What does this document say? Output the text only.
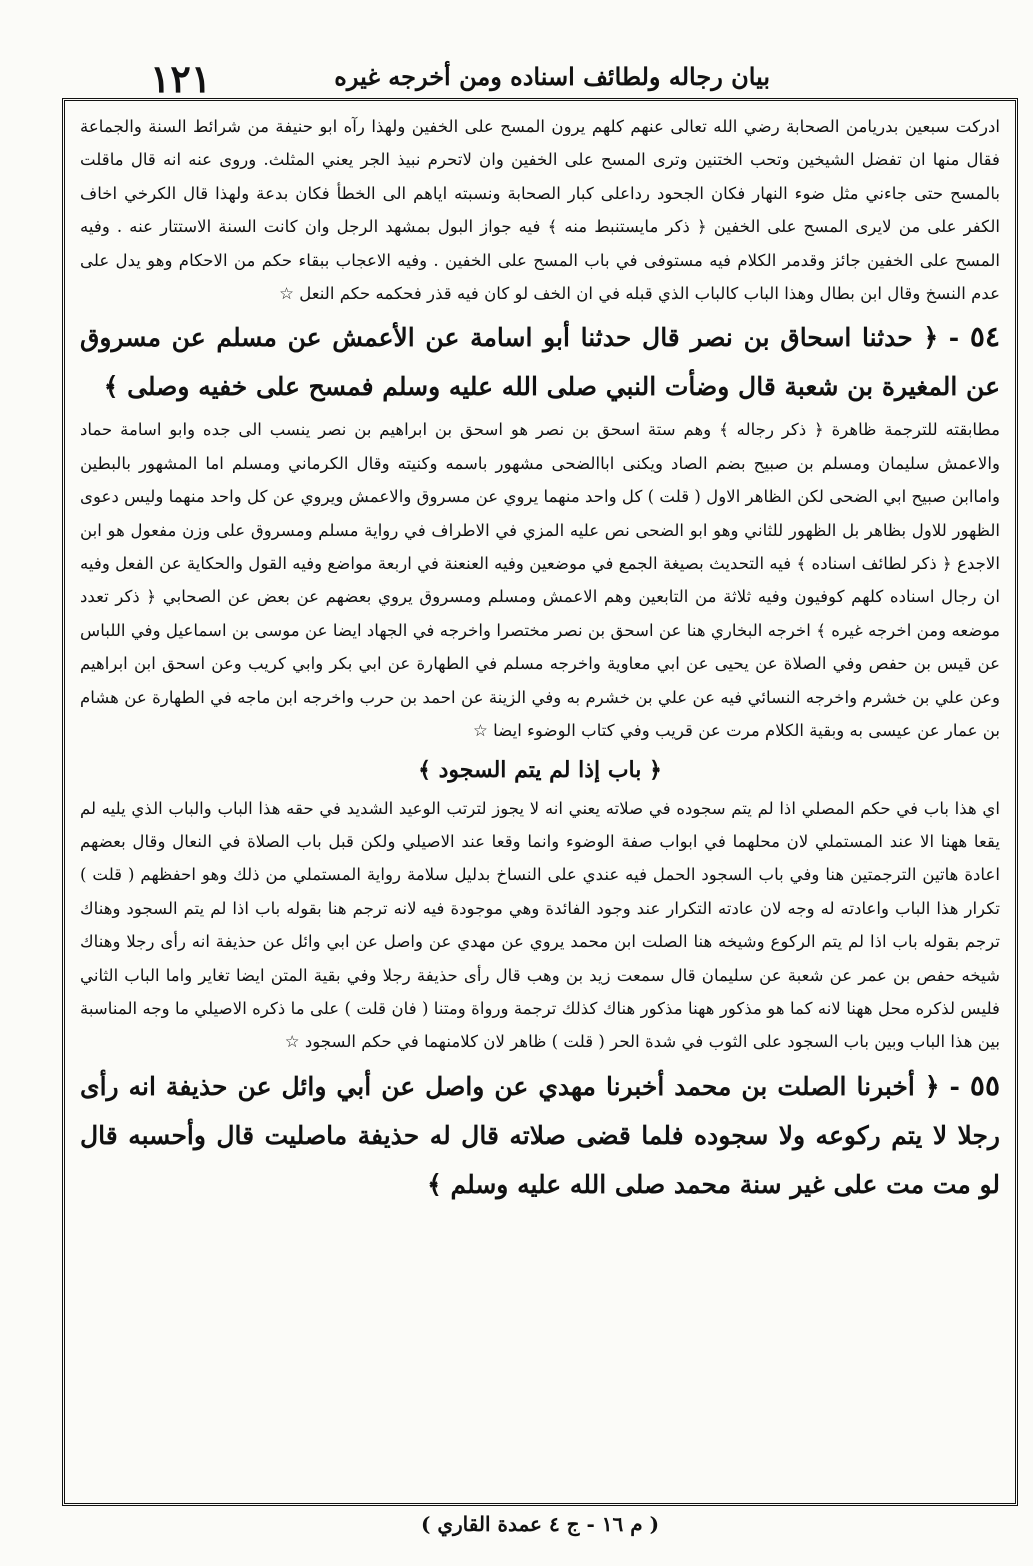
١٢١	بيان رجاله ولطائف اسناده ومن أخرجه غيره

ادركت سبعين بدريامن الصحابة رضي الله تعالى عنهم كلهم يرون المسح على الخفين ولهذا رآه ابو حنيفة من شرائط السنة والجماعة فقال منها ان تفضل الشيخين وتحب الختنين وترى المسح على الخفين وان لاتحرم نبيذ الجر يعني المثلث. وروى عنه انه قال ماقلت بالمسح حتى جاءني مثل ضوء النهار فكان الجحود رداعلى كبار الصحابة ونسبته اياهم الى الخطأ فكان بدعة ولهذا قال الكرخي اخاف الكفر على من لايرى المسح على الخفين ﴿ ذكر مايستنبط منه ﴾ فيه جواز البول بمشهد الرجل وان كانت السنة الاستتار عنه . وفيه المسح على الخفين جائز وقدمر الكلام فيه مستوفى في باب المسح على الخفين . وفيه الاعجاب ببقاء حكم من الاحكام وهو يدل على عدم النسخ وقال ابن بطال وهذا الباب كالباب الذي قبله في ان الخف لو كان فيه قذر فحكمه حكم النعل ☆

٥٤ - ﴿ حدثنا اسحاق بن نصر قال حدثنا أبو اسامة عن الأعمش عن مسلم عن مسروق عن المغيرة بن شعبة قال وضأت النبي صلى الله عليه وسلم فمسح على خفيه وصلى ﴾

مطابقته للترجمة ظاهرة ﴿ ذكر رجاله ﴾ وهم ستة اسحق بن نصر هو اسحق بن ابراهيم بن نصر ينسب الى جده وابو اسامة حماد والاعمش سليمان ومسلم بن صبيح بضم الصاد ويكنى اباالضحى مشهور باسمه وكنيته وقال الكرماني ومسلم اما المشهور بالبطين واماابن صبيح ابي الضحى لكن الظاهر الاول ( قلت ) كل واحد منهما يروي عن مسروق والاعمش ويروي عن كل واحد منهما وليس دعوى الظهور للاول بظاهر بل الظهور للثاني وهو ابو الضحى نص عليه المزي في الاطراف في رواية مسلم ومسروق على وزن مفعول هو ابن الاجدع ﴿ ذكر لطائف اسناده ﴾ فيه التحديث بصيغة الجمع في موضعين وفيه العنعنة في اربعة مواضع وفيه القول والحكاية عن الفعل وفيه ان رجال اسناده كلهم كوفيون وفيه ثلاثة من التابعين وهم الاعمش ومسلم ومسروق يروي بعضهم عن بعض عن الصحابي ﴿ ذكر تعدد موضعه ومن اخرجه غيره ﴾ اخرجه البخاري هنا عن اسحق بن نصر مختصرا واخرجه في الجهاد ايضا عن موسى بن اسماعيل وفي اللباس عن قيس بن حفص وفي الصلاة عن يحيى عن ابي معاوية واخرجه مسلم في الطهارة عن ابي بكر وابي كريب وعن اسحق ابن ابراهيم وعن علي بن خشرم واخرجه النسائي فيه عن علي بن خشرم به وفي الزينة عن احمد بن حرب واخرجه ابن ماجه في الطهارة عن هشام بن عمار عن عيسى به وبقية الكلام مرت عن قريب وفي كتاب الوضوء ايضا ☆

﴿ باب إذا لم يتم السجود ﴾

اي هذا باب في حكم المصلي اذا لم يتم سجوده في صلاته يعني انه لا يجوز لترتب الوعيد الشديد في حقه هذا الباب والباب الذي يليه لم يقعا ههنا الا عند المستملي لان محلهما في ابواب صفة الوضوء وانما وقعا عند الاصيلي ولكن قبل باب الصلاة في النعال وقال بعضهم اعادة هاتين الترجمتين هنا وفي باب السجود الحمل فيه عندي على النساخ بدليل سلامة رواية المستملي من ذلك وهو احفظهم ( قلت ) تكرار هذا الباب واعادته له وجه لان عادته التكرار عند وجود الفائدة وهي موجودة فيه لانه ترجم هنا بقوله باب اذا لم يتم السجود وهناك ترجم بقوله باب اذا لم يتم الركوع وشيخه هنا الصلت ابن محمد يروي عن مهدي عن واصل عن ابي وائل عن حذيفة انه رأى رجلا وهناك شيخه حفص بن عمر عن شعبة عن سليمان قال سمعت زيد بن وهب قال رأى حذيفة رجلا وفي بقية المتن ايضا تغاير واما الباب الثاني فليس لذكره محل ههنا لانه كما هو مذكور ههنا مذكور هناك كذلك ترجمة ورواة ومتنا ( فان قلت ) على ما ذكره الاصيلي ما وجه المناسبة بين هذا الباب وبين باب السجود على الثوب في شدة الحر ( قلت ) ظاهر لان كلامنهما في حكم السجود ☆

٥٥ - ﴿ أخبرنا الصلت بن محمد أخبرنا مهدي عن واصل عن أبي وائل عن حذيفة انه رأى رجلا لا يتم ركوعه ولا سجوده فلما قضى صلاته قال له حذيفة ماصليت قال وأحسبه قال لو مت مت على غير سنة محمد صلى الله عليه وسلم ﴾

( م ١٦ - ج ٤ عمدة القاري )
